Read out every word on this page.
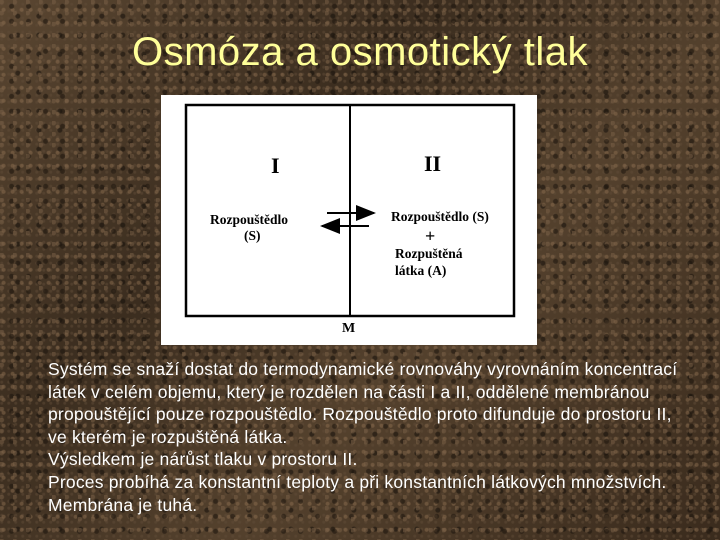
Osmóza a osmotický tlak
I	II
Rozpouštědlo
(S)
Rozpouštědlo (S)
+
Rozpuštěná
látka (A)
M

Systém se snaží dostat do termodynamické rovnováhy vyrovnáním koncentrací látek v celém objemu, který je rozdělen na části I a II, oddělené membránou propouštějící pouze rozpouštědlo. Rozpouštědlo proto difunduje do prostoru II, ve kterém je rozpuštěná látka.

Výsledkem je nárůst tlaku v prostoru II.

Proces probíhá za konstantní teploty a při konstantních látkových množstvích. Membrána je tuhá.
